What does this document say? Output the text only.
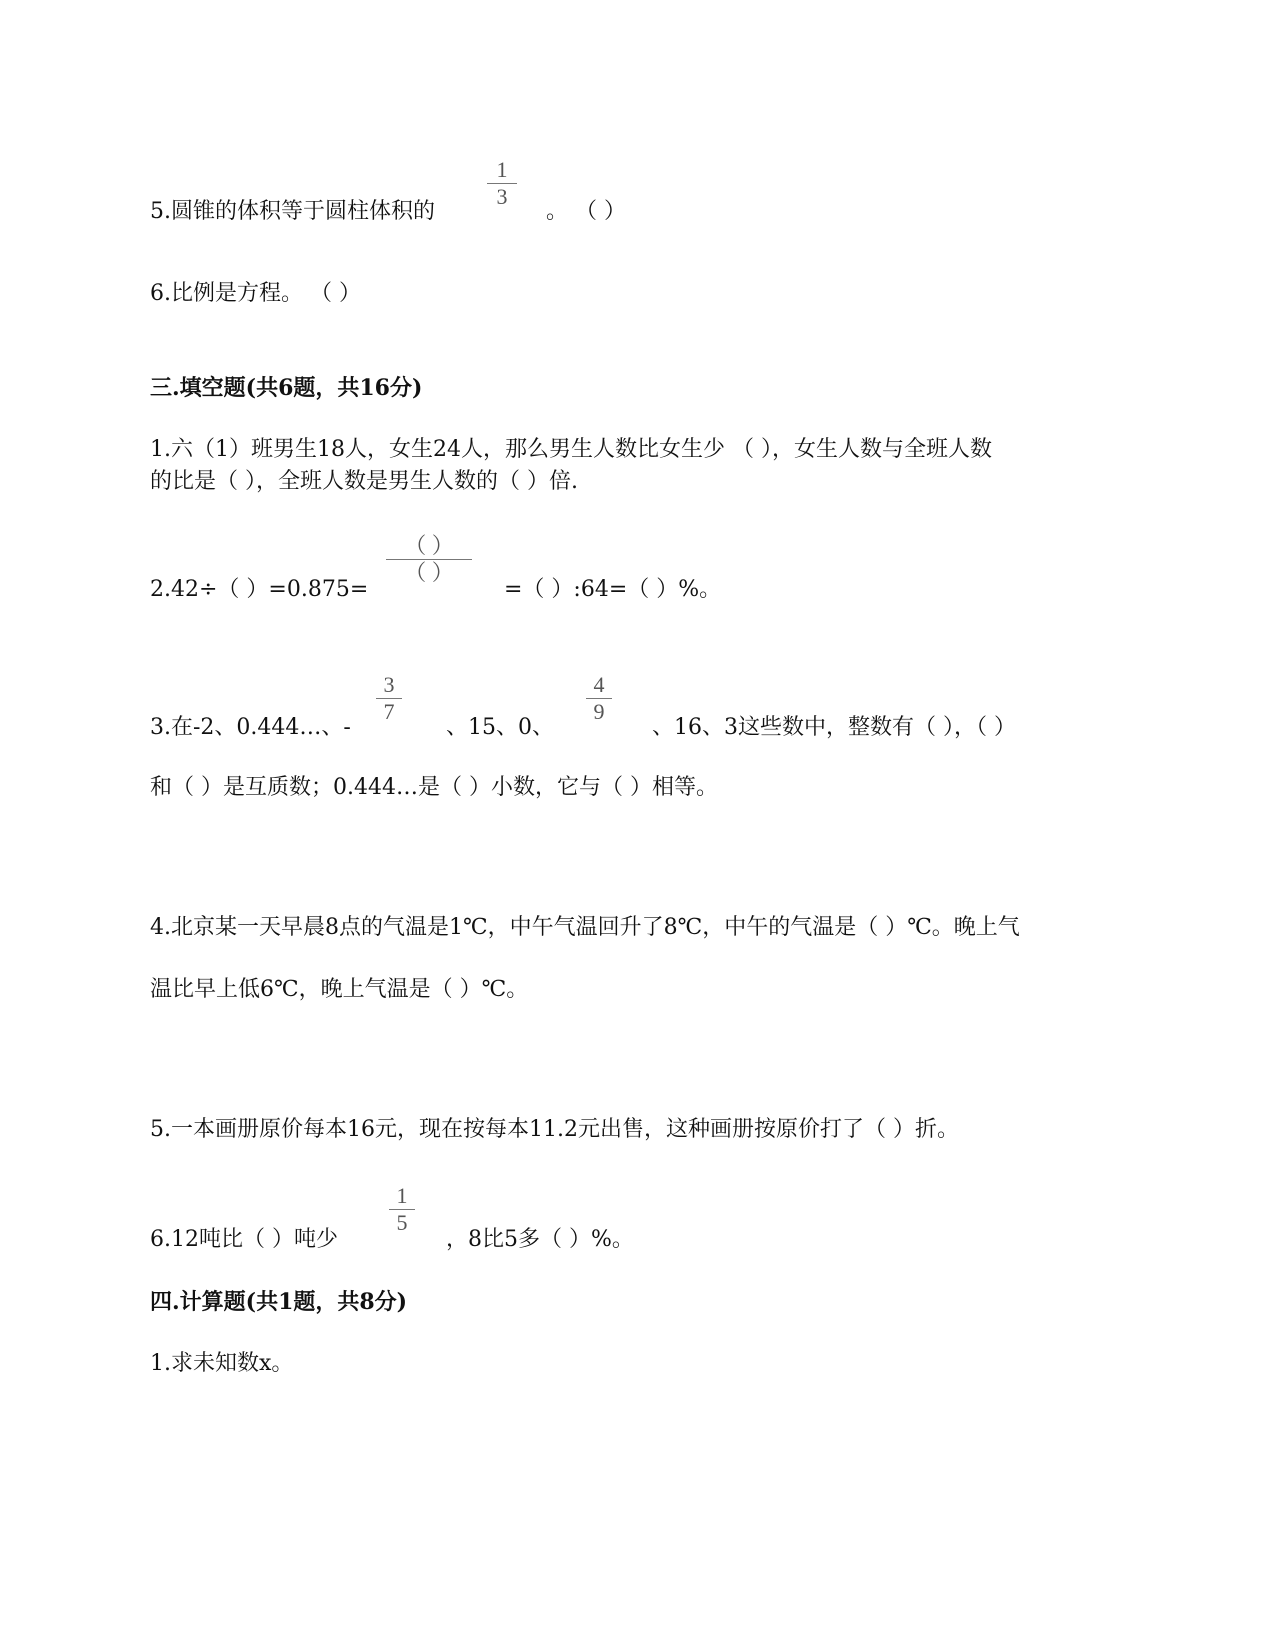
5.圆锥的体积等于圆柱体积的
1
3
。 （ ）
6.比例是方程。 （ ）
三.填空题(共6题，共16分)
1.六（1）班男生18人，女生24人，那么男生人数比女生少 （ ），女生人数与全班人数
的比是（ ），全班人数是男生人数的（ ）倍.
2.42÷（ ）=0.875=
（ ）
（ ）
=（ ）:64=（ ）%。
3.在-2、0.444…、-
3
7
、15、0、
4
9
、16、3这些数中，整数有（ ），（ ）
和（ ）是互质数；0.444…是（ ）小数，它与（ ）相等。
4.北京某一天早晨8点的气温是1℃，中午气温回升了8℃，中午的气温是（ ）℃。晚上气
温比早上低6℃，晚上气温是（ ）℃。
5.一本画册原价每本16元，现在按每本11.2元出售，这种画册按原价打了（ ）折。
6.12吨比（ ）吨少
1
5
，8比5多（ ）%。
四.计算题(共1题，共8分)
1.求未知数x。
